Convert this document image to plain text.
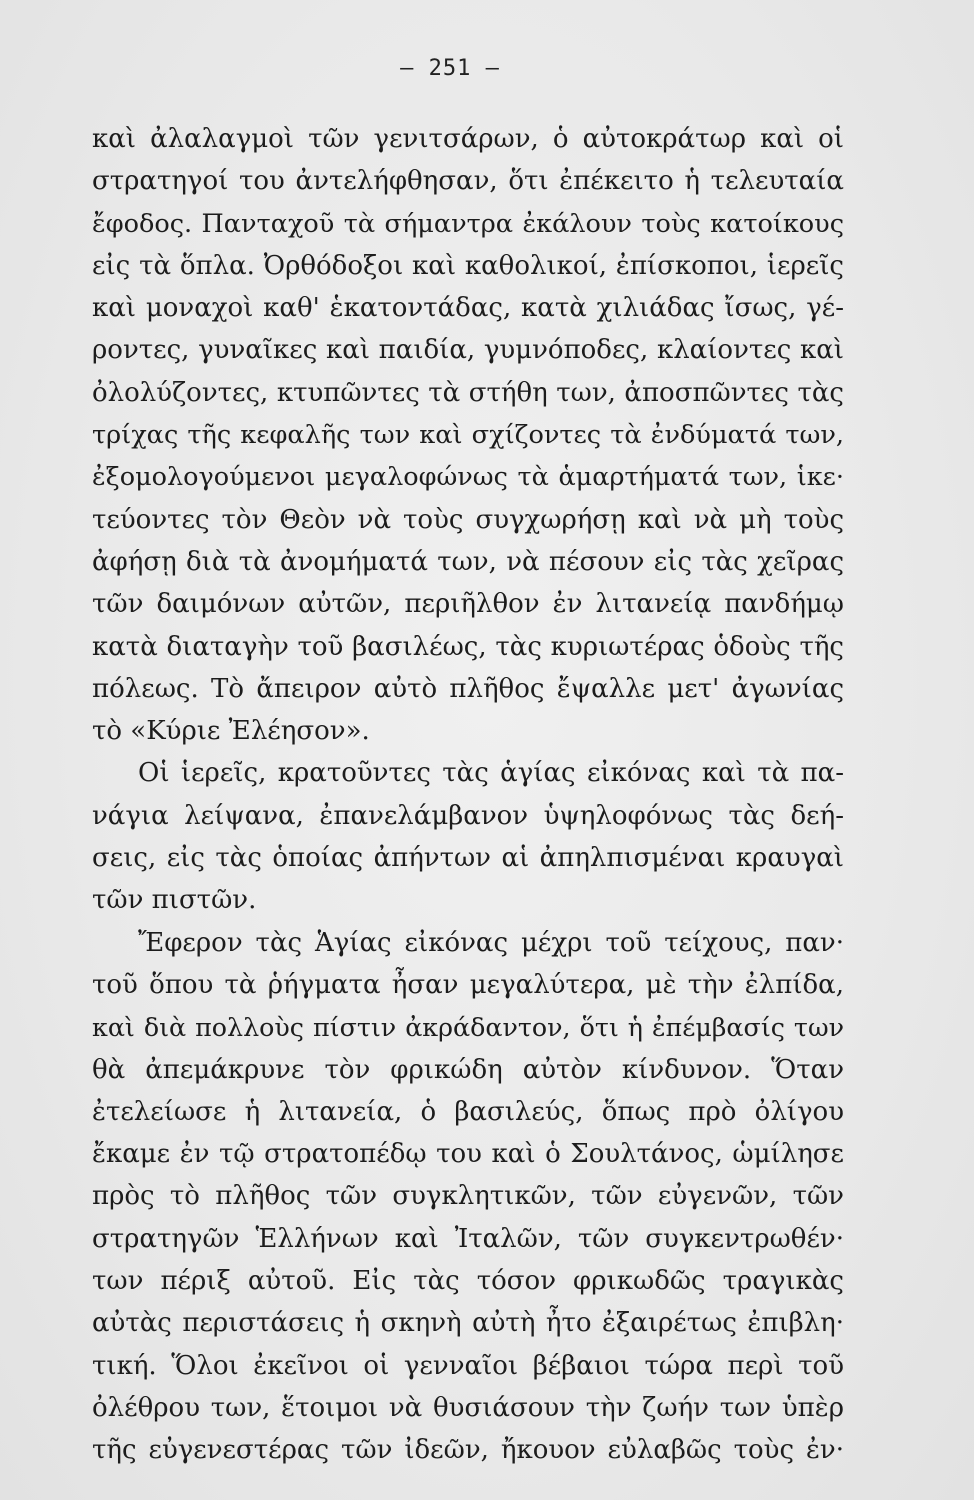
— 251 —
καὶ ἀλαλαγμοὶ τῶν γενιτσάρων, ὁ αὐτοκράτωρ καὶ οἱ
στρατηγοί του ἀντελήφθησαν, ὅτι ἐπέκειτο ἡ τελευταία
ἔφοδος. Πανταχοῦ τὰ σήμαντρα ἐκάλουν τοὺς κατοίκους
εἰς τὰ ὅπλα. Ὀρθόδοξοι καὶ καθολικοί, ἐπίσκοποι, ἱερεῖς
καὶ μοναχοὶ καθ' ἑκατοντάδας, κατὰ χιλιάδας ἴσως, γέ-
ροντες, γυναῖκες καὶ παιδία, γυμνόποδες, κλαίοντες καὶ
ὀλολύζοντες, κτυπῶντες τὰ στήθη των, ἀποσπῶντες τὰς
τρίχας τῆς κεφαλῆς των καὶ σχίζοντες τὰ ἐνδύματά των,
ἐξομολογούμενοι μεγαλοφώνως τὰ ἁμαρτήματά των, ἱκε·
τεύοντες τὸν Θεὸν νὰ τοὺς συγχωρήσῃ καὶ νὰ μὴ τοὺς
ἀφήσῃ διὰ τὰ ἀνομήματά των, νὰ πέσουν εἰς τὰς χεῖρας
τῶν δαιμόνων αὐτῶν, περιῆλθον ἐν λιτανείᾳ πανδήμῳ
κατὰ διαταγὴν τοῦ βασιλέως, τὰς κυριωτέρας ὁδοὺς τῆς
πόλεως. Τὸ ἄπειρον αὐτὸ πλῆθος ἔψαλλε μετ' ἀγωνίας
τὸ «Κύριε Ἐλέησον».
Οἱ ἱερεῖς, κρατοῦντες τὰς ἁγίας εἰκόνας καὶ τὰ πα-
νάγια λείψανα, ἐπανελάμβανον ὑψηλοφόνως τὰς δεή-
σεις, εἰς τὰς ὁποίας ἀπήντων αἱ ἀπηλπισμέναι κραυγαὶ
τῶν πιστῶν.
Ἔφερον τὰς Ἁγίας εἰκόνας μέχρι τοῦ τείχους, παν·
τοῦ ὅπου τὰ ῥήγματα ἦσαν μεγαλύτερα, μὲ τὴν ἐλπίδα,
καὶ διὰ πολλοὺς πίστιν ἀκράδαντον, ὅτι ἡ ἐπέμβασίς των
θὰ ἀπεμάκρυνε τὸν φρικώδη αὐτὸν κίνδυνον. Ὅταν
ἐτελείωσε ἡ λιτανεία, ὁ βασιλεύς, ὅπως πρὸ ὀλίγου
ἔκαμε ἐν τῷ στρατοπέδῳ του καὶ ὁ Σουλτάνος, ὡμίλησε
πρὸς τὸ πλῆθος τῶν συγκλητικῶν, τῶν εὐγενῶν, τῶν
στρατηγῶν Ἑλλήνων καὶ Ἰταλῶν, τῶν συγκεντρωθέν·
των πέριξ αὐτοῦ. Εἰς τὰς τόσον φρικωδῶς τραγικὰς
αὐτὰς περιστάσεις ἡ σκηνὴ αὐτὴ ἦτο ἐξαιρέτως ἐπιβλη·
τική. Ὅλοι ἐκεῖνοι οἱ γενναῖοι βέβαιοι τώρα περὶ τοῦ
ὀλέθρου των, ἕτοιμοι νὰ θυσιάσουν τὴν ζωήν των ὑπὲρ
τῆς εὐγενεστέρας τῶν ἰδεῶν, ἤκουον εὐλαβῶς τοὺς ἐν·
